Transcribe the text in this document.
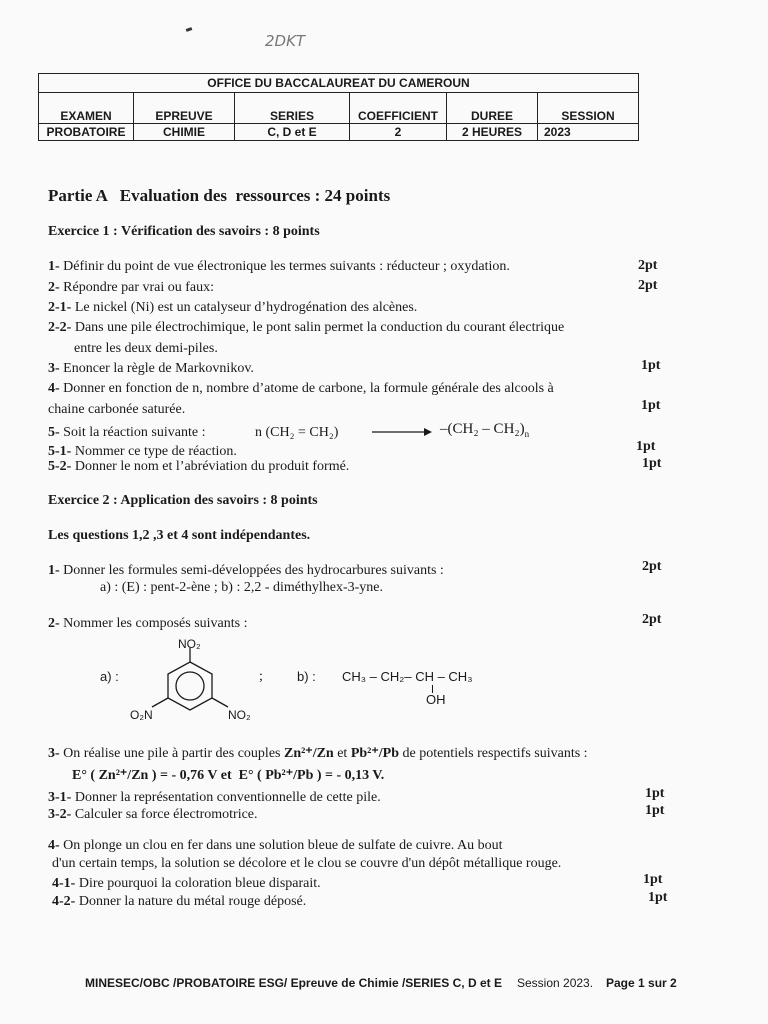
2DKT
OFFICE DU BACCALAUREAT DU CAMEROUN					
EXAMEN	EPREUVE	SERIES	COEFFICIENT	DUREE	SESSION
PROBATOIRE	CHIMIE	C, D et E	2	2 HEURES	2023
Partie A   Evaluation des  ressources : 24 points
Exercice 1 : Vérification des savoirs : 8 points
1- Définir du point de vue électronique les termes suivants : réducteur ; oxydation.	2pt
2- Répondre par vrai ou faux:	2pt
2-1- Le nickel (Ni) est un catalyseur d’hydrogénation des alcènes.
2-2- Dans une pile électrochimique, le pont salin permet la conduction du courant électrique
entre les deux demi-piles.
3- Enoncer la règle de Markovnikov.	1pt
4- Donner en fonction de n, nombre d’atome de carbone, la formule générale des alcools à
chaine carbonée saturée.	1pt
5- Soit la réaction suivante :	n $(CH_2 = CH_2) \to -(CH_2 - CH_2)_n$
5-1- Nommer ce type de réaction.	1pt
5-2- Donner le nom et l’abréviation du produit formé.	1pt
Exercice 2 : Application des savoirs : 8 points
Les questions 1,2 ,3 et 4 sont indépendantes.
1- Donner les formules semi-développées des hydrocarbures suivants :	2pt
a) : (E) : pent-2-ène ; b) : 2,2 - diméthylhex-3-yne.
2- Nommer les composés suivants :	2pt
a) :
NO₂
O₂N	NO₂
;	b) : CH₃ – CH₂– CH – CH₃
OH
3- On réalise une pile à partir des couples Zn²⁺/Zn et Pb²⁺/Pb de potentiels respectifs suivants :
E° ( Zn²⁺/Zn ) = - 0,76 V et E° ( Pb²⁺/Pb ) = - 0,13 V.
3-1- Donner la représentation conventionnelle de cette pile.	1pt
3-2- Calculer sa force électromotrice.	1pt
4- On plonge un clou en fer dans une solution bleue de sulfate de cuivre. Au bout
d'un certain temps, la solution se décolore et le clou se couvre d'un dépôt métallique rouge.
4-1- Dire pourquoi la coloration bleue disparait.	1pt
4-2- Donner la nature du métal rouge déposé.	1pt
MINESEC/OBC /PROBATOIRE ESG/ Epreuve de Chimie /SERIES C, D et E Session 2023. Page 1 sur 2
